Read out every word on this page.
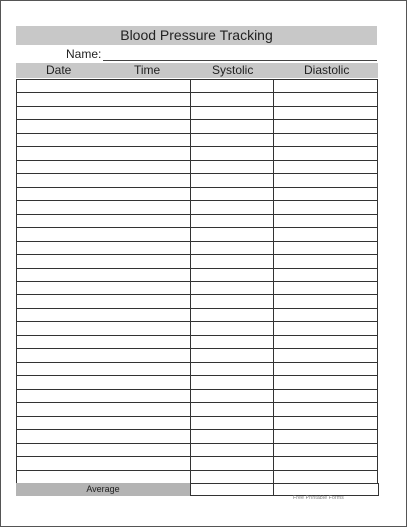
Blood Pressure Tracking
Name:
Date	Time	Systolic	Diastolic
Average
Free Printable Forms
